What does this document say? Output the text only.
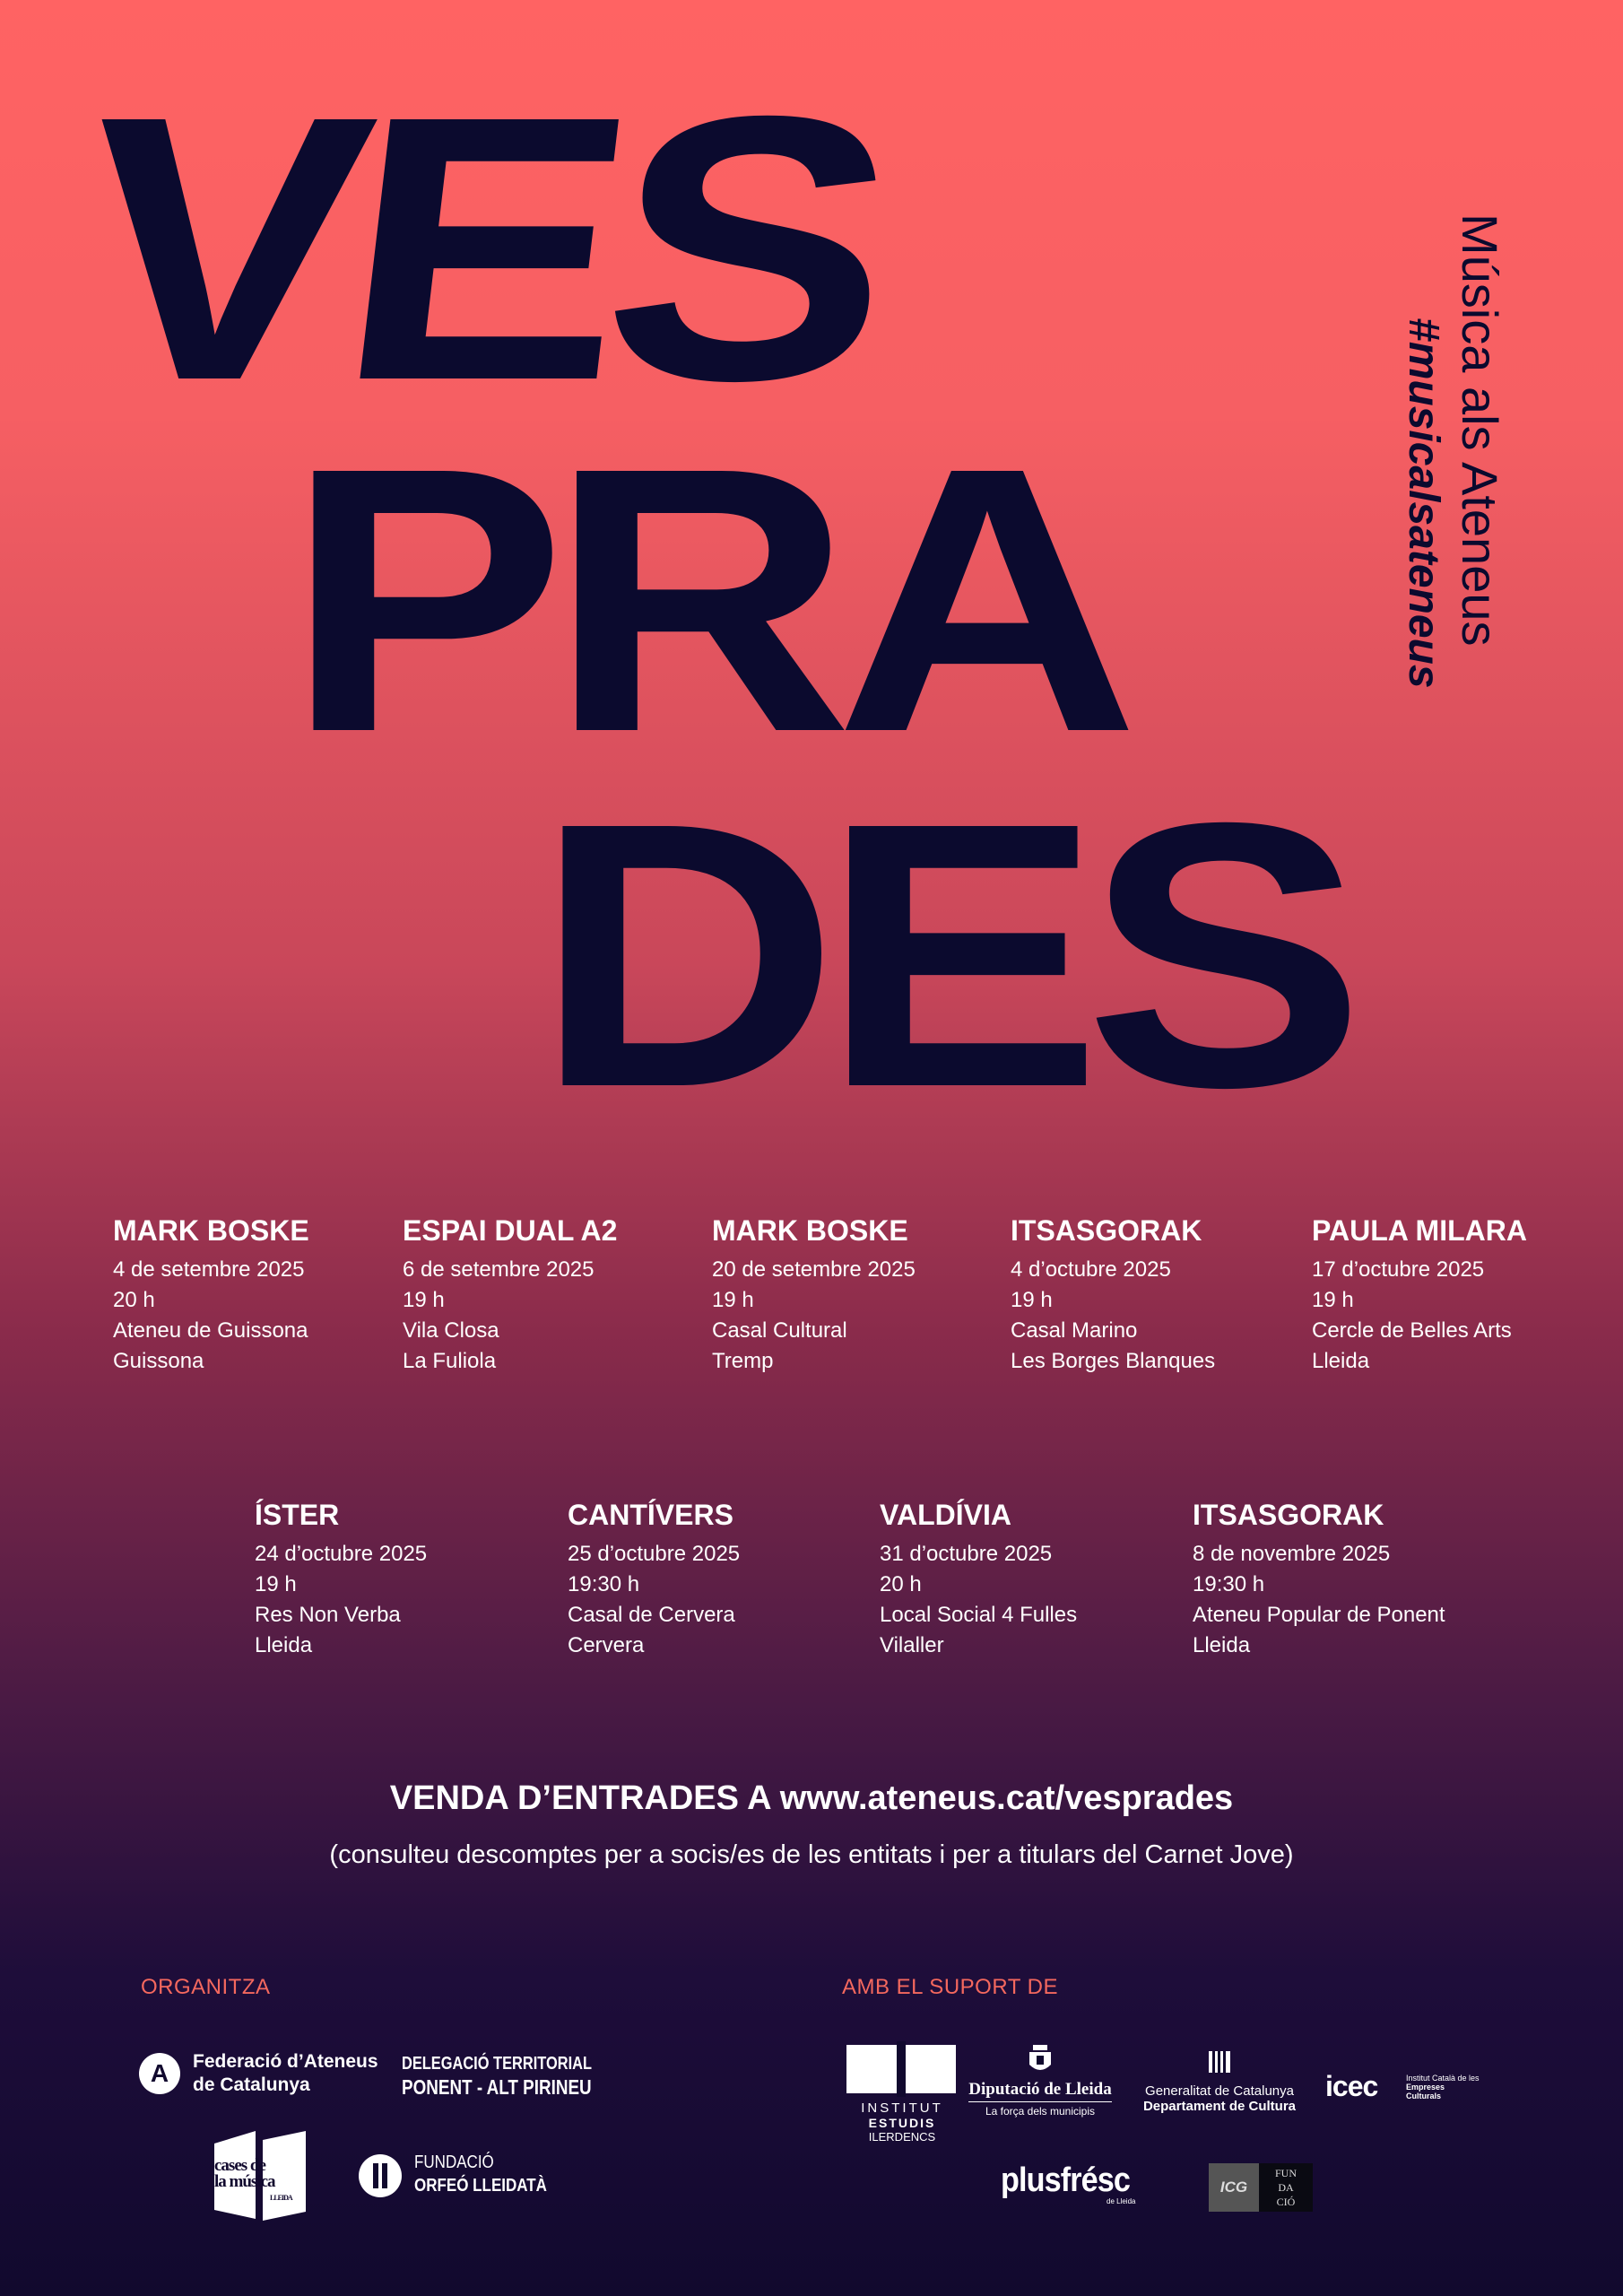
VES
PRA
DES
Música als Ateneus
#musicalsateneus
MARK BOSKE
4 de setembre 2025
20 h
Ateneu de Guissona
Guissona
ESPAI DUAL A2
6 de setembre 2025
19 h
Vila Closa
La Fuliola
MARK BOSKE
20 de setembre 2025
19 h
Casal Cultural
Tremp
ITSASGORAK
4 d’octubre 2025
19 h
Casal Marino
Les Borges Blanques
PAULA MILARA
17 d’octubre 2025
19 h
Cercle de Belles Arts
Lleida
ÍSTER
24 d’octubre 2025
19 h
Res Non Verba
Lleida
CANTÍVERS
25 d’octubre 2025
19:30 h
Casal de Cervera
Cervera
VALDÍVIA
31 d’octubre 2025
20 h
Local Social 4 Fulles
Vilaller
ITSASGORAK
8 de novembre 2025
19:30 h
Ateneu Popular de Ponent
Lleida
VENDA D’ENTRADES A www.ateneus.cat/vesprades
(consulteu descomptes per a socis/es de les entitats i per a titulars del Carnet Jove)
ORGANITZA	AMB EL SUPORT DE
A	Federació d’Ateneus
de Catalunya
DELEGACIÓ TERRITORIAL
PONENT - ALT PIRINEU
cases de
la música
LLEIDA
FUNDACIÓ
ORFEÓ LLEIDATÀ
INSTITUT
ESTUDIS
ILERDENCS
Diputació de Lleida
La força dels municipis
Generalitat de Catalunya
Departament de Cultura
icec	Institut Català de les
Empreses
Culturals
plusfrésc
de Lleida
ICG
FUN
DA
CIÓ
